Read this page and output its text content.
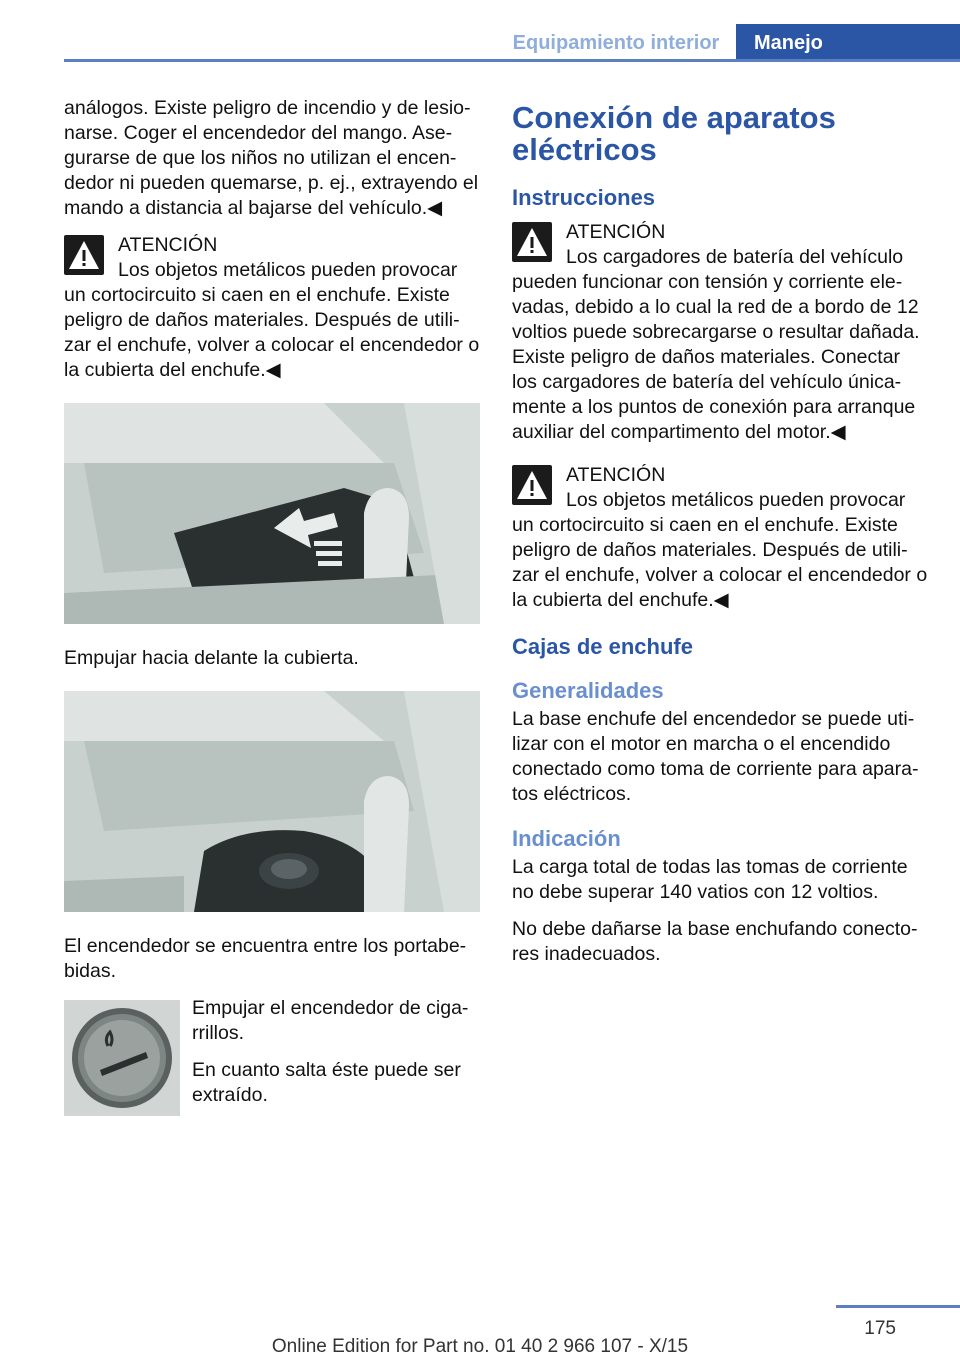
Equipamiento interior	Manejo

análogos. Existe peligro de incendio y de lesio-narse. Coger el encendedor del mango. Ase-gurarse de que los niños no utilizan el encen-dedor ni pueden quemarse, p. ej., extrayendo el mando a distancia al bajarse del vehículo.◀

ATENCIÓN
Los objetos metálicos pueden provocar un cortocircuito si caen en el enchufe. Existe peligro de daños materiales. Después de utili-zar el enchufe, volver a colocar el encendedor o la cubierta del enchufe.◀

Empujar hacia delante la cubierta.

El encendedor se encuentra entre los portabe-bidas.

Empujar el encendedor de ciga-rrillos.

En cuanto salta éste puede ser extraído.

Conexión de aparatos eléctricos
Instrucciones
ATENCIÓN
Los cargadores de batería del vehículo pueden funcionar con tensión y corriente ele-vadas, debido a lo cual la red de a bordo de 12 voltios puede sobrecargarse o resultar dañada. Existe peligro de daños materiales. Conectar los cargadores de batería del vehículo única-mente a los puntos de conexión para arranque auxiliar del compartimento del motor.◀
ATENCIÓN
Los objetos metálicos pueden provocar un cortocircuito si caen en el enchufe. Existe peligro de daños materiales. Después de utili-zar el enchufe, volver a colocar el encendedor o la cubierta del enchufe.◀
Cajas de enchufe
Generalidades

La base enchufe del encendedor se puede uti-lizar con el motor en marcha o el encendido conectado como toma de corriente para apara-tos eléctricos.

Indicación

La carga total de todas las tomas de corriente no debe superar 140 vatios con 12 voltios.

No debe dañarse la base enchufando conecto-res inadecuados.

175
Online Edition for Part no. 01 40 2 966 107 - X/15
